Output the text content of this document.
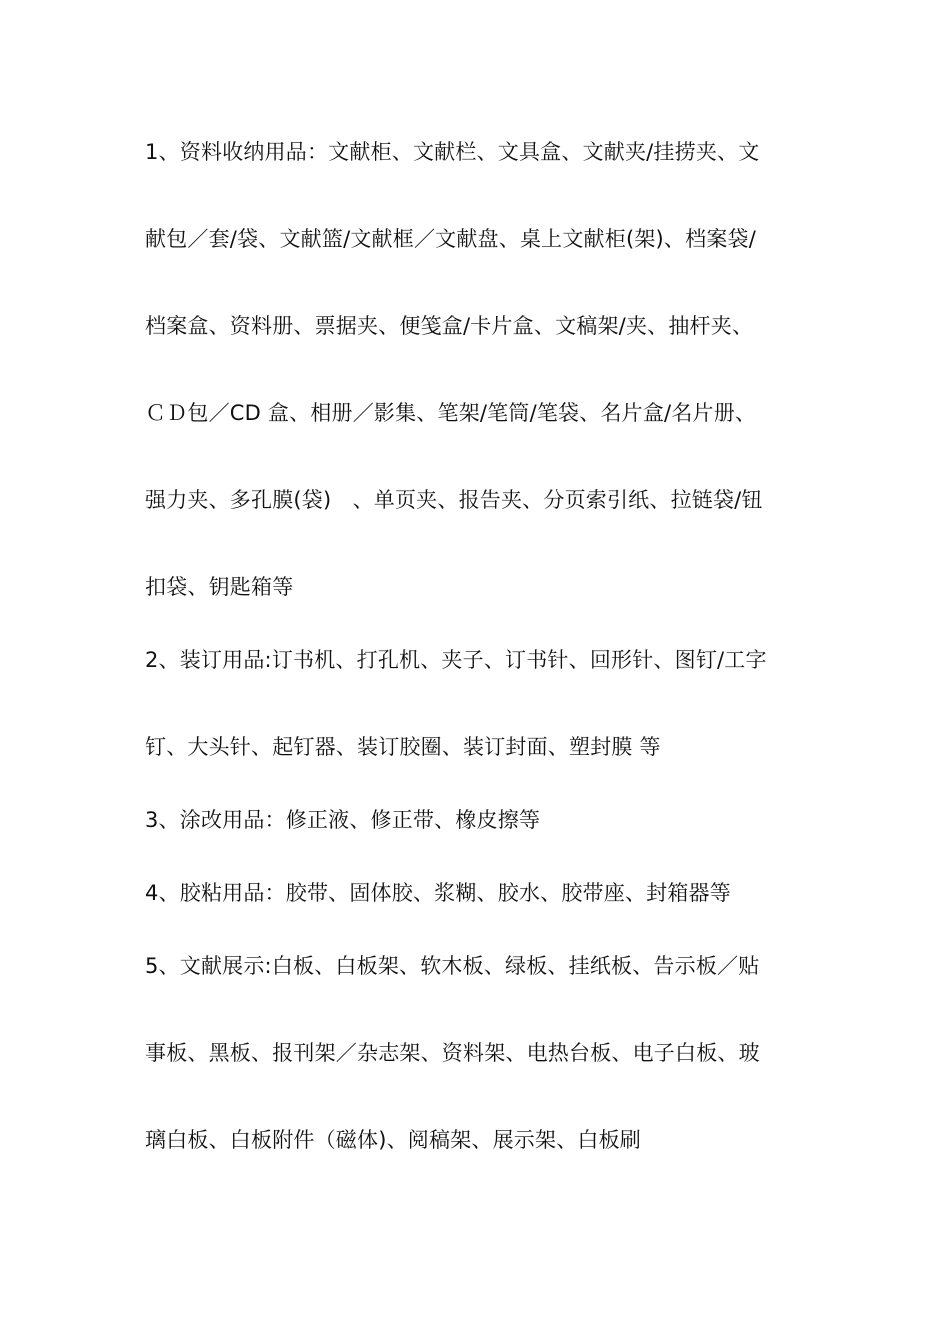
1、资料收纳用品：文献柜、文献栏、文具盒、文献夹/挂捞夹、文
献包／套/袋、文献篮/文献框／文献盘、桌上文献柜(架)、档案袋/
档案盒、资料册、票据夹、便笺盒/卡片盒、文稿架/夹、抽杆夹、
ＣＤ包／CD 盒、相册／影集、笔架/笔筒/笔袋、名片盒/名片册、
强力夹、多孔膜(袋)　、单页夹、报告夹、分页索引纸、拉链袋/钮
扣袋、钥匙箱等
2、装订用品:订书机、打孔机、夹子、订书针、回形针、图钉/工字
钉、大头针、起钉器、装订胶圈、装订封面、塑封膜 等
3、涂改用品：修正液、修正带、橡皮擦等
4、胶粘用品：胶带、固体胶、浆糊、胶水、胶带座、封箱器等
5、文献展示:白板、白板架、软木板、绿板、挂纸板、告示板／贴
事板、黑板、报刊架／杂志架、资料架、电热台板、电子白板、玻
璃白板、白板附件（磁体)、阅稿架、展示架、白板刷
